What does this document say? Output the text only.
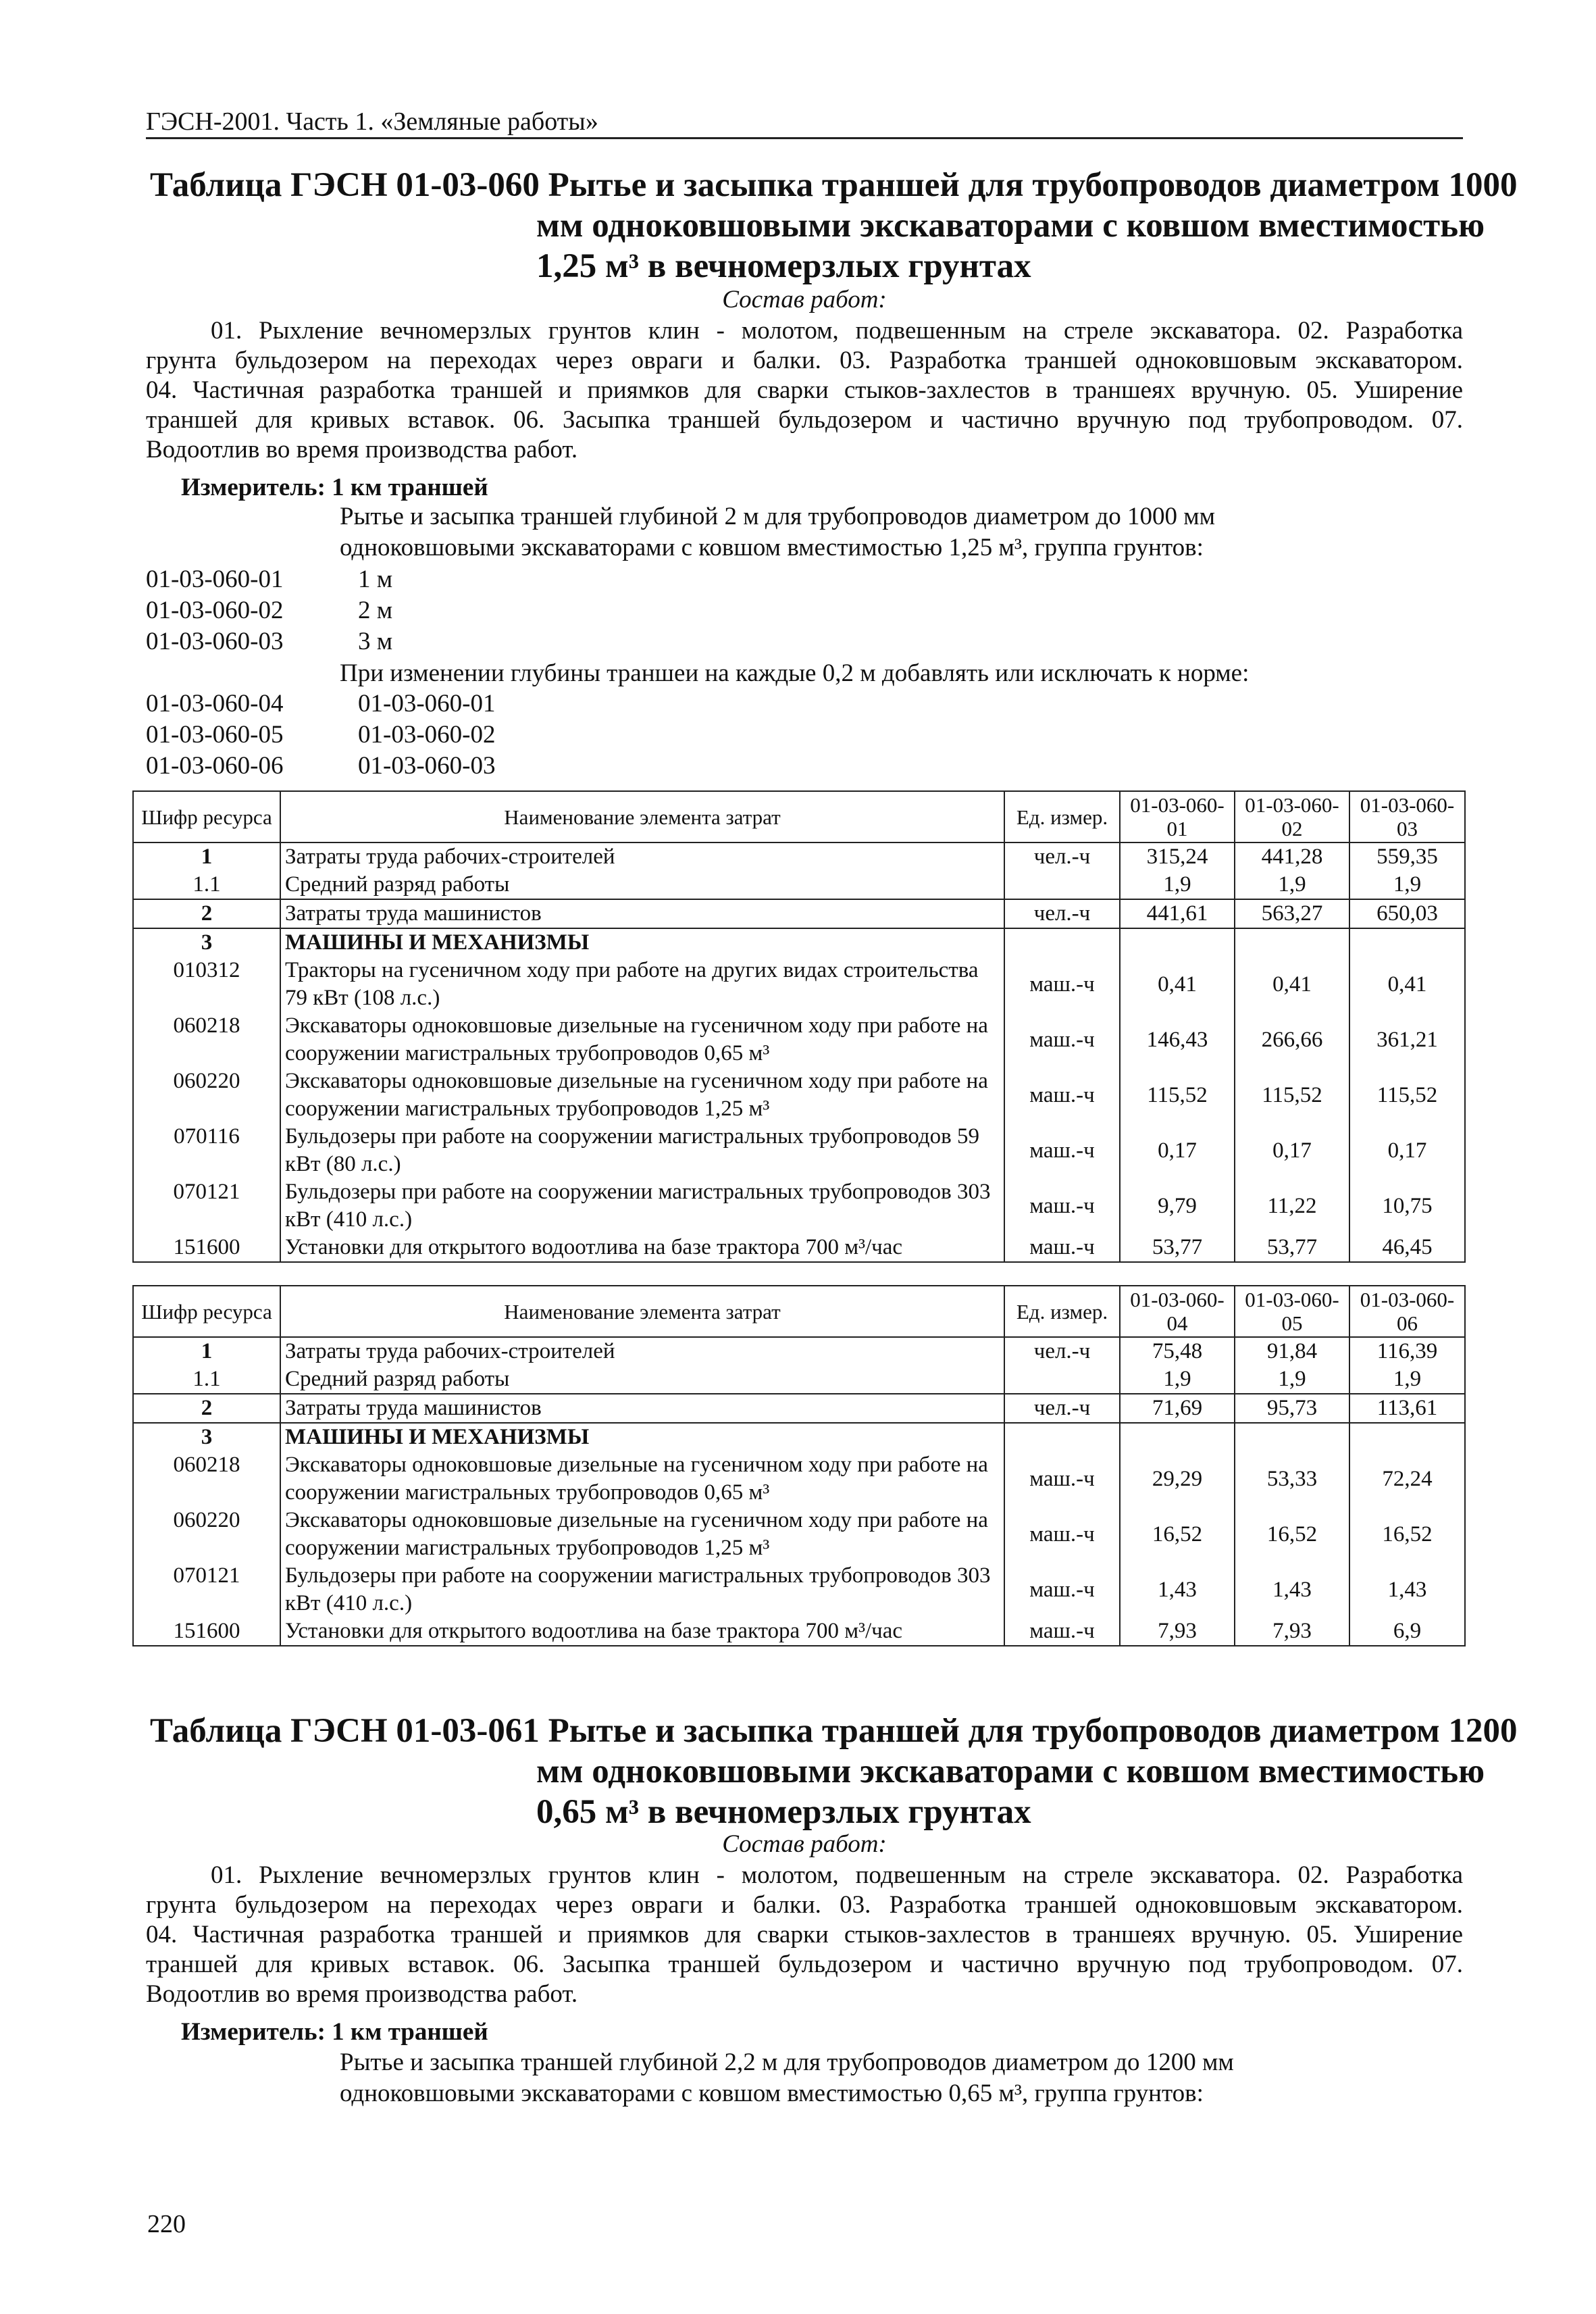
ГЭСН-2001. Часть 1. «Земляные работы»
Таблица ГЭСН 01-03-060 Рытье и засыпка траншей для трубопроводов диаметром 1000
мм одноковшовыми экскаваторами с ковшом вместимостью
1,25 м³ в вечномерзлых грунтах
Состав работ:
01. Рыхление вечномерзлых грунтов клин - молотом, подвешенным на стреле экскаватора. 02. Разработка
грунта бульдозером на переходах через овраги и балки. 03. Разработка траншей одноковшовым экскаватором.
04. Частичная разработка траншей и приямков для сварки стыков-захлестов в траншеях вручную. 05. Уширение
траншей для кривых вставок. 06. Засыпка траншей бульдозером и частично вручную под трубопроводом. 07.
Водоотлив во время производства работ.
Измеритель: 1 км траншей
Рытье и засыпка траншей глубиной 2 м для трубопроводов диаметром до 1000 мм
одноковшовыми экскаваторами с ковшом вместимостью 1,25 м³, группа грунтов:
01-03-060-01	1 м
01-03-060-02	2 м
01-03-060-03	3 м
При изменении глубины траншеи на каждые 0,2 м добавлять или исключать к норме:
01-03-060-04	01-03-060-01
01-03-060-05	01-03-060-02
01-03-060-06	01-03-060-03
Шифр ресурса	Наименование элемента затрат	Ед. измер.	01-03-060-01	01-03-060-02	01-03-060-03
1	Затраты труда рабочих-строителей	чел.-ч	315,24	441,28	559,35
1.1	Средний разряд работы		1,9	1,9	1,9
2	Затраты труда машинистов	чел.-ч	441,61	563,27	650,03
3	МАШИНЫ И МЕХАНИЗМЫ				
010312	Тракторы на гусеничном ходу при работе на других видах строительства 79 кВт (108 л.с.)	маш.-ч	0,41	0,41	0,41
060218	Экскаваторы одноковшовые дизельные на гусеничном ходу при работе на сооружении магистральных трубопроводов 0,65 м³	маш.-ч	146,43	266,66	361,21
060220	Экскаваторы одноковшовые дизельные на гусеничном ходу при работе на сооружении магистральных трубопроводов 1,25 м³	маш.-ч	115,52	115,52	115,52
070116	Бульдозеры при работе на сооружении магистральных трубопроводов 59 кВт (80 л.с.)	маш.-ч	0,17	0,17	0,17
070121	Бульдозеры при работе на сооружении магистральных трубопроводов 303 кВт (410 л.с.)	маш.-ч	9,79	11,22	10,75
151600	Установки для открытого водоотлива на базе трактора 700 м³/час	маш.-ч	53,77	53,77	46,45
Шифр ресурса	Наименование элемента затрат	Ед. измер.	01-03-060-04	01-03-060-05	01-03-060-06
1	Затраты труда рабочих-строителей	чел.-ч	75,48	91,84	116,39
1.1	Средний разряд работы		1,9	1,9	1,9
2	Затраты труда машинистов	чел.-ч	71,69	95,73	113,61
3	МАШИНЫ И МЕХАНИЗМЫ				
060218	Экскаваторы одноковшовые дизельные на гусеничном ходу при работе на сооружении магистральных трубопроводов 0,65 м³	маш.-ч	29,29	53,33	72,24
060220	Экскаваторы одноковшовые дизельные на гусеничном ходу при работе на сооружении магистральных трубопроводов 1,25 м³	маш.-ч	16,52	16,52	16,52
070121	Бульдозеры при работе на сооружении магистральных трубопроводов 303 кВт (410 л.с.)	маш.-ч	1,43	1,43	1,43
151600	Установки для открытого водоотлива на базе трактора 700 м³/час	маш.-ч	7,93	7,93	6,9
Таблица ГЭСН 01-03-061 Рытье и засыпка траншей для трубопроводов диаметром 1200
мм одноковшовыми экскаваторами с ковшом вместимостью
0,65 м³ в вечномерзлых грунтах
Состав работ:
01. Рыхление вечномерзлых грунтов клин - молотом, подвешенным на стреле экскаватора. 02. Разработка
грунта бульдозером на переходах через овраги и балки. 03. Разработка траншей одноковшовым экскаватором.
04. Частичная разработка траншей и приямков для сварки стыков-захлестов в траншеях вручную. 05. Уширение
траншей для кривых вставок. 06. Засыпка траншей бульдозером и частично вручную под трубопроводом. 07.
Водоотлив во время производства работ.
Измеритель: 1 км траншей
Рытье и засыпка траншей глубиной 2,2 м для трубопроводов диаметром до 1200 мм
одноковшовыми экскаваторами с ковшом вместимостью 0,65 м³, группа грунтов:
220
